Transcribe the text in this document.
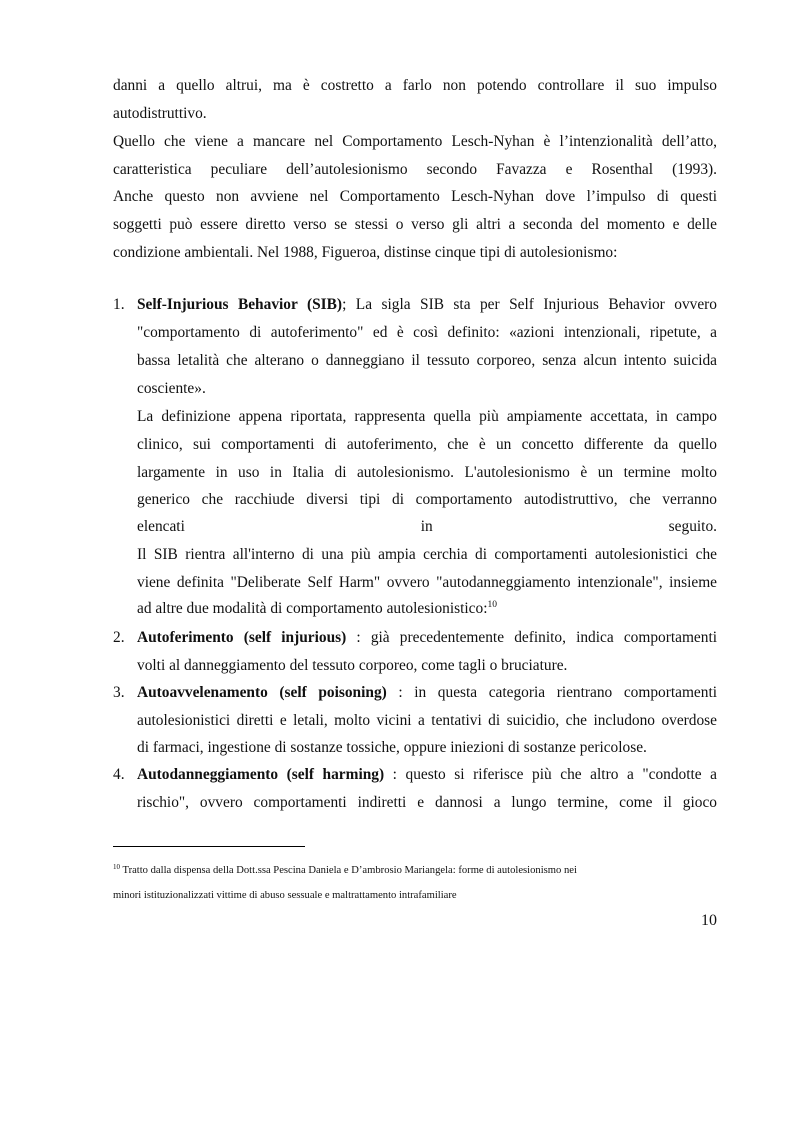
danni a quello altrui, ma è costretto a farlo non potendo controllare il suo impulso
autodistruttivo.
Quello che viene a mancare nel Comportamento Lesch-Nyhan è l’intenzionalità dell’atto,
caratteristica peculiare dell’autolesionismo secondo Favazza e Rosenthal (1993).
Anche questo non avviene nel Comportamento Lesch-Nyhan dove l’impulso di questi
soggetti può essere diretto verso se stessi o verso gli altri a seconda del momento e delle
condizione ambientali. Nel 1988, Figueroa, distinse cinque tipi di autolesionismo:
1. Self-Injurious Behavior (SIB); La sigla SIB sta per Self Injurious Behavior ovvero
"comportamento di autoferimento" ed è così definito: «azioni intenzionali, ripetute, a
bassa letalità che alterano o danneggiano il tessuto corporeo, senza alcun intento suicida
cosciente».
La definizione appena riportata, rappresenta quella più ampiamente accettata, in campo
clinico, sui comportamenti di autoferimento, che è un concetto differente da quello
largamente in uso in Italia di autolesionismo. L'autolesionismo è un termine molto
generico che racchiude diversi tipi di comportamento autodistruttivo, che verranno
elencati in seguito.
Il SIB rientra all'interno di una più ampia cerchia di comportamenti autolesionistici che
viene definita "Deliberate Self Harm" ovvero "autodanneggiamento intenzionale", insieme
ad altre due modalità di comportamento autolesionistico:$^{10}$
2. Autoferimento (self injurious) : già precedentemente definito, indica comportamenti
volti al danneggiamento del tessuto corporeo, come tagli o bruciature.
3. Autoavvelenamento (self poisoning) : in questa categoria rientrano comportamenti
autolesionistici diretti e letali, molto vicini a tentativi di suicidio, che includono overdose
di farmaci, ingestione di sostanze tossiche, oppure iniezioni di sostanze pericolose.
4. Autodanneggiamento (self harming) : questo si riferisce più che altro a "condotte a
rischio", ovvero comportamenti indiretti e dannosi a lungo termine, come il gioco
$^{10}$ Tratto dalla dispensa della Dott.ssa Pescina Daniela e D’ambrosio Mariangela: forme di autolesionismo nei
minori istituzionalizzati vittime di abuso sessuale e maltrattamento intrafamiliare
10
